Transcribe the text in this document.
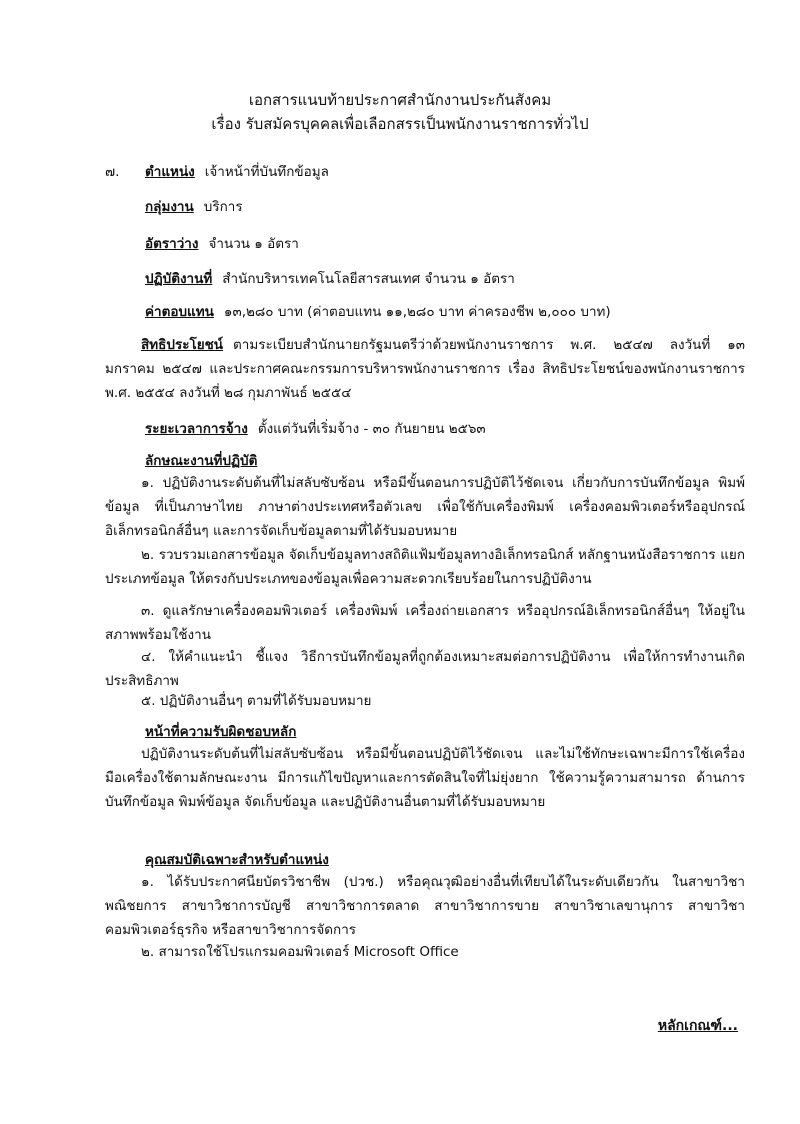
เอกสารแนบท้ายประกาศสำนักงานประกันสังคม
เรื่อง รับสมัครบุคคลเพื่อเลือกสรรเป็นพนักงานราชการทั่วไป
๗. ตำแหน่ง เจ้าหน้าที่บันทึกข้อมูล
กลุ่มงาน บริการ
อัตราว่าง จำนวน ๑ อัตรา
ปฏิบัติงานที่ สำนักบริหารเทคโนโลยีสารสนเทศ จำนวน ๑ อัตรา
ค่าตอบแทน ๑๓,๒๘๐ บาท (ค่าตอบแทน ๑๑,๒๘๐ บาท ค่าครองชีพ ๒,๐๐๐ บาท)
สิทธิประโยชน์ ตามระเบียบสำนักนายกรัฐมนตรีว่าด้วยพนักงานราชการ พ.ศ. ๒๕๔๗ ลงวันที่ ๑๓ มกราคม ๒๕๔๗ และประกาศคณะกรรมการบริหารพนักงานราชการ เรื่อง สิทธิประโยชน์ของพนักงานราชการ พ.ศ. ๒๕๕๔ ลงวันที่ ๒๘ กุมภาพันธ์ ๒๕๕๔
ระยะเวลาการจ้าง ตั้งแต่วันที่เริ่มจ้าง - ๓๐ กันยายน ๒๕๖๓
ลักษณะงานที่ปฏิบัติ
๑. ปฏิบัติงานระดับต้นที่ไม่สลับซับซ้อน หรือมีขั้นตอนการปฏิบัติไว้ชัดเจน เกี่ยวกับการบันทึกข้อมูล พิมพ์ข้อมูล ที่เป็นภาษาไทย ภาษาต่างประเทศหรือตัวเลข เพื่อใช้กับเครื่องพิมพ์ เครื่องคอมพิวเตอร์หรืออุปกรณ์อิเล็กทรอนิกส์อื่นๆ และการจัดเก็บข้อมูลตามที่ได้รับมอบหมาย
๒. รวบรวมเอกสารข้อมูล จัดเก็บข้อมูลทางสถิติแฟ้มข้อมูลทางอิเล็กทรอนิกส์ หลักฐานหนังสือราชการ แยกประเภทข้อมูล ให้ตรงกับประเภทของข้อมูลเพื่อความสะดวกเรียบร้อยในการปฏิบัติงาน
๓. ดูแลรักษาเครื่องคอมพิวเตอร์ เครื่องพิมพ์ เครื่องถ่ายเอกสาร หรืออุปกรณ์อิเล็กทรอนิกส์อื่นๆ ให้อยู่ในสภาพพร้อมใช้งาน
๔. ให้คำแนะนำ ชี้แจง วิธีการบันทึกข้อมูลที่ถูกต้องเหมาะสมต่อการปฏิบัติงาน เพื่อให้การทำงานเกิดประสิทธิภาพ
๕. ปฏิบัติงานอื่นๆ ตามที่ได้รับมอบหมาย
หน้าที่ความรับผิดชอบหลัก
ปฏิบัติงานระดับต้นที่ไม่สลับซับซ้อน หรือมีขั้นตอนปฏิบัติไว้ชัดเจน และไม่ใช้ทักษะเฉพาะมีการใช้เครื่องมือเครื่องใช้ตามลักษณะงาน มีการแก้ไขปัญหาและการตัดสินใจที่ไม่ยุ่งยาก ใช้ความรู้ความสามารถ ด้านการบันทึกข้อมูล พิมพ์ข้อมูล จัดเก็บข้อมูล และปฏิบัติงานอื่นตามที่ได้รับมอบหมาย
คุณสมบัติเฉพาะสำหรับตำแหน่ง
๑. ได้รับประกาศนียบัตรวิชาชีพ (ปวช.) หรือคุณวุฒิอย่างอื่นที่เทียบได้ในระดับเดียวกัน ในสาขาวิชาพณิชยการ สาขาวิชาการบัญชี สาขาวิชาการตลาด สาขาวิชาการขาย สาขาวิชาเลขานุการ สาขาวิชาคอมพิวเตอร์ธุรกิจ หรือสาขาวิชาการจัดการ
๒. สามารถใช้โปรแกรมคอมพิวเตอร์ Microsoft Office
หลักเกณฑ์...
